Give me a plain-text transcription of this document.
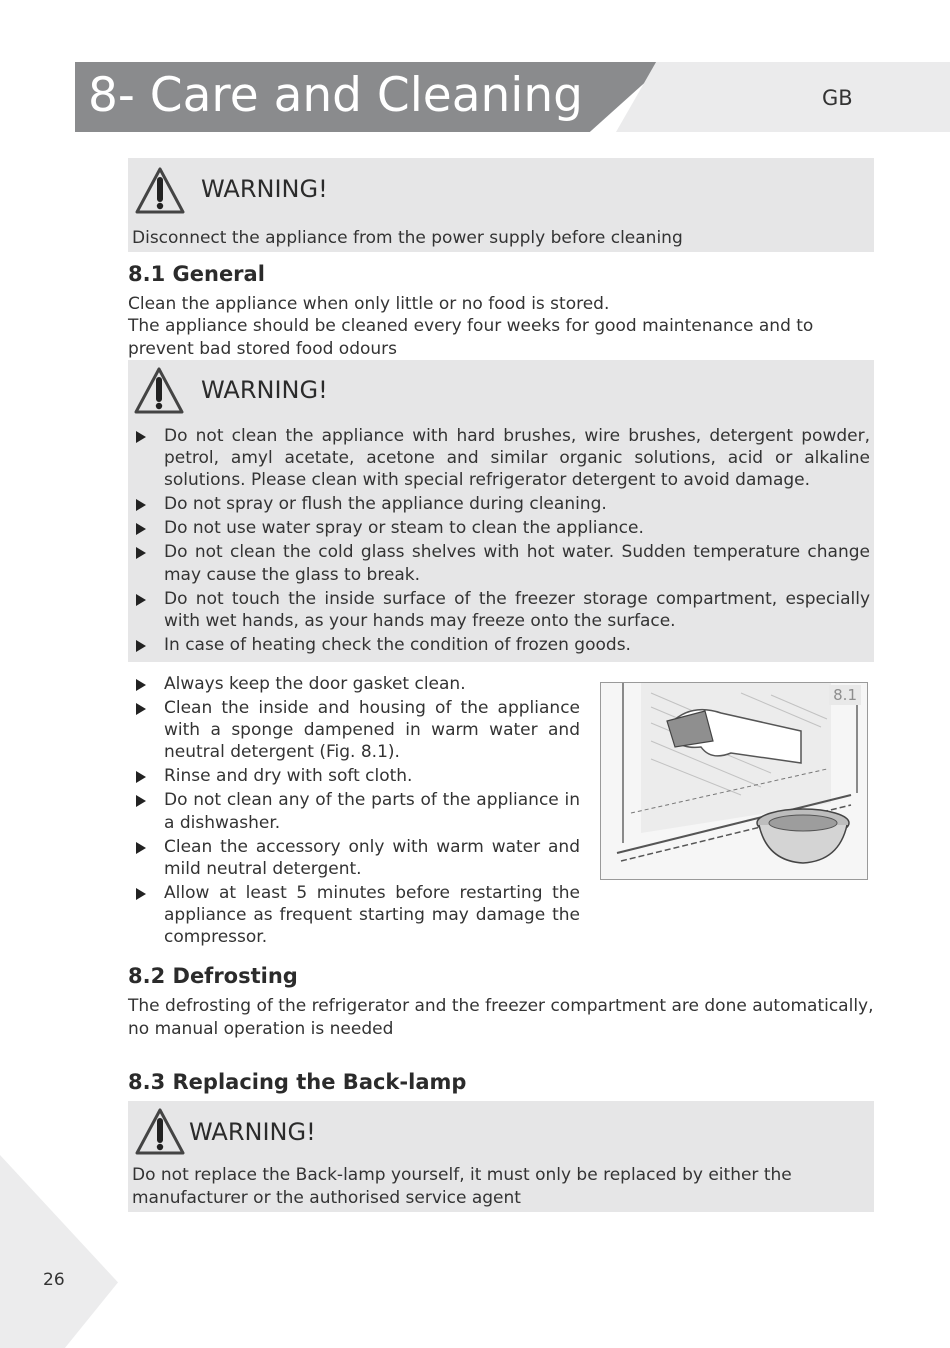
8- Care and Cleaning	GB
WARNING!
Disconnect the appliance from the power supply before cleaning
8.1 General
Clean the appliance when only little or no food is stored.
The appliance should be cleaned every four weeks for good maintenance and to prevent bad stored food odours
WARNING!
Do not clean the appliance with hard brushes, wire brushes, detergent powder, petrol, amyl acetate, acetone and similar organic solutions, acid or alkaline solutions. Please clean with special refrigerator detergent to avoid damage.
Do not spray or flush the appliance during cleaning.
Do not use water spray or steam to clean the appliance.
Do not clean the cold glass shelves with hot water. Sudden temperature change may cause the glass to break.
Do not touch the inside surface of the freezer storage compartment, especially with wet hands, as your hands may freeze onto the surface.
In case of heating check the condition of frozen goods.
Always keep the door gasket clean.
Clean the inside and housing of the appliance with a sponge dampened in warm water and neutral detergent (Fig. 8.1).
Rinse and dry with soft cloth.
Do not clean any of the parts of the appliance in a dishwasher.
Clean the accessory only with warm water and mild neutral detergent.
Allow at least 5 minutes before restarting the appliance as frequent starting may damage the compressor.
8.1
8.2 Defrosting
The defrosting of the refrigerator and the freezer compartment are done automatically, no manual operation is needed
8.3 Replacing the Back-lamp
WARNING!
Do not replace the Back-lamp yourself, it must only be replaced by either the manufacturer or the authorised service agent
26
